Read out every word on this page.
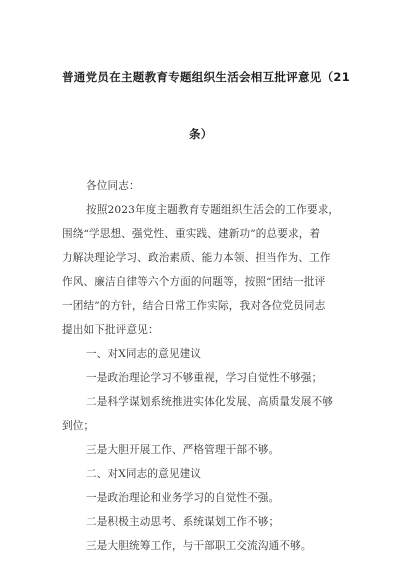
普通党员在主题教育专题组织生活会相互批评意见（21
条）
各位同志：
按照2023年度主题教育专题组织生活会的工作要求，
围绕“学思想、强党性、重实践、建新功”的总要求，着
力解决理论学习、政治素质、能力本领、担当作为、工作
作风、廉洁自律等六个方面的问题等，按照“团结一批评
一团结”的方针，结合日常工作实际，我对各位党员同志
提出如下批评意见：
一、对X同志的意见建议
一是政治理论学习不够重视，学习自觉性不够强；
二是科学谋划系统推进实体化发展、高质量发展不够
到位；
三是大胆开展工作、严格管理干部不够。
二、对X同志的意见建议
一是政治理论和业务学习的自觉性不强。
二是积极主动思考、系统谋划工作不够；
三是大胆统筹工作，与干部职工交流沟通不够。
